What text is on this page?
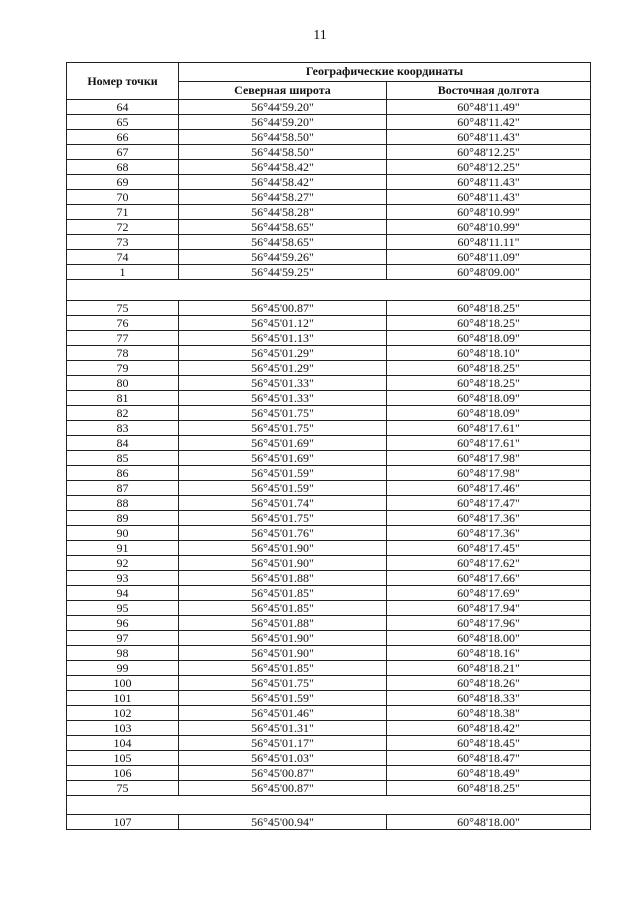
11
Номер точки	Географические координаты	
	Северная широта	Восточная долгота
64	56°44'59.20"	60°48'11.49"
65	56°44'59.20"	60°48'11.42"
66	56°44'58.50"	60°48'11.43"
67	56°44'58.50"	60°48'12.25"
68	56°44'58.42"	60°48'12.25"
69	56°44'58.42"	60°48'11.43"
70	56°44'58.27"	60°48'11.43"
71	56°44'58.28"	60°48'10.99"
72	56°44'58.65"	60°48'10.99"
73	56°44'58.65"	60°48'11.11"
74	56°44'59.26"	60°48'11.09"
1	56°44'59.25"	60°48'09.00"

75	56°45'00.87"	60°48'18.25"
76	56°45'01.12"	60°48'18.25"
77	56°45'01.13"	60°48'18.09"
78	56°45'01.29"	60°48'18.10"
79	56°45'01.29"	60°48'18.25"
80	56°45'01.33"	60°48'18.25"
81	56°45'01.33"	60°48'18.09"
82	56°45'01.75"	60°48'18.09"
83	56°45'01.75"	60°48'17.61"
84	56°45'01.69"	60°48'17.61"
85	56°45'01.69"	60°48'17.98"
86	56°45'01.59"	60°48'17.98"
87	56°45'01.59"	60°48'17.46"
88	56°45'01.74"	60°48'17.47"
89	56°45'01.75"	60°48'17.36"
90	56°45'01.76"	60°48'17.36"
91	56°45'01.90"	60°48'17.45"
92	56°45'01.90"	60°48'17.62"
93	56°45'01.88"	60°48'17.66"
94	56°45'01.85"	60°48'17.69"
95	56°45'01.85"	60°48'17.94"
96	56°45'01.88"	60°48'17.96"
97	56°45'01.90"	60°48'18.00"
98	56°45'01.90"	60°48'18.16"
99	56°45'01.85"	60°48'18.21"
100	56°45'01.75"	60°48'18.26"
101	56°45'01.59"	60°48'18.33"
102	56°45'01.46"	60°48'18.38"
103	56°45'01.31"	60°48'18.42"
104	56°45'01.17"	60°48'18.45"
105	56°45'01.03"	60°48'18.47"
106	56°45'00.87"	60°48'18.49"
75	56°45'00.87"	60°48'18.25"

107	56°45'00.94"	60°48'18.00"
